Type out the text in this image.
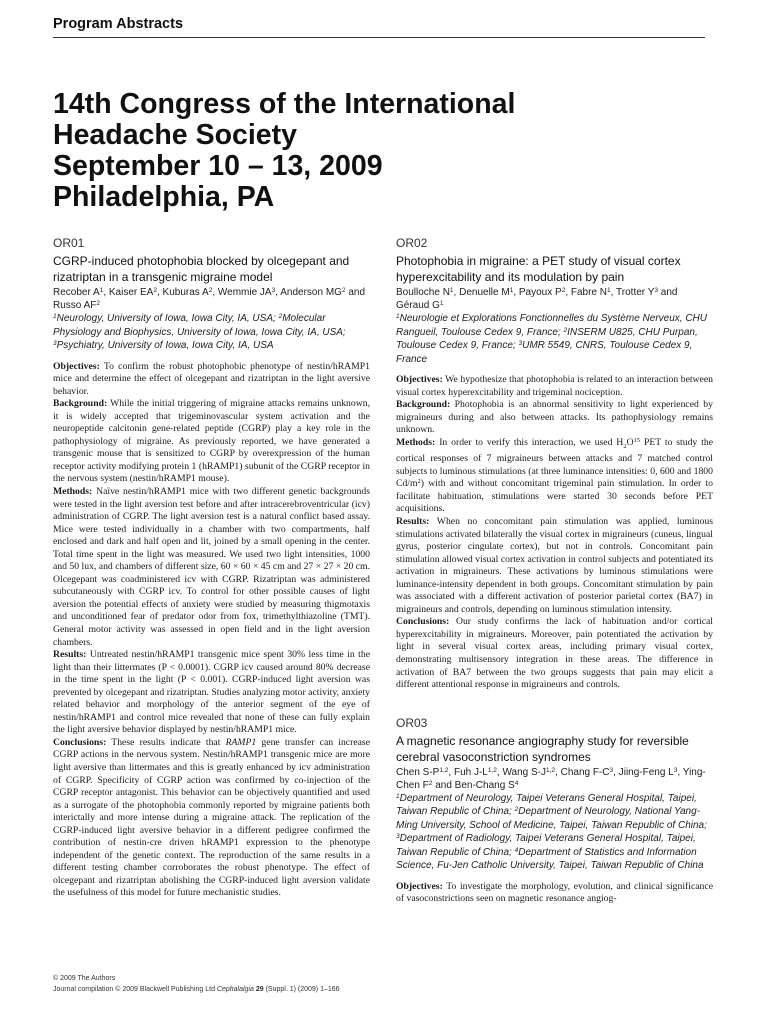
Program Abstracts
14th Congress of the International
Headache Society
September 10 – 13, 2009
Philadelphia, PA
OR01
CGRP-induced photophobia blocked by olcegepant and rizatriptan in a transgenic migraine model
Recober $A^1$, Kaiser $EA^2$, Kuburas $A^2$, Wemmie $JA^3$, Anderson $MG^2$ and Russo $AF^2$
$^1$Neurology, University of Iowa, Iowa City, IA, USA; $^2$Molecular Physiology and Biophysics, University of Iowa, Iowa City, IA, USA; $^3$Psychiatry, University of Iowa, Iowa City, IA, USA

Objectives: To confirm the robust photophobic phenotype of nestin/hRAMP1 mice and determine the effect of olcegepant and rizatriptan in the light aversive behavior.

Background: While the initial triggering of migraine attacks remains unknown, it is widely accepted that trigeminovascular system activation and the neuropeptide calcitonin gene-related peptide (CGRP) play a key role in the pathophysiology of migraine. As previously reported, we have generated a transgenic mouse that is sensitized to CGRP by overexpression of the human receptor activity modifying protein 1 (hRAMP1) subunit of the CGRP receptor in the nervous system (nestin/hRAMP1 mouse).

Methods: Naïve nestin/hRAMP1 mice with two different genetic backgrounds were tested in the light aversion test before and after intracerebroventricular (icv) administration of CGRP. The light aversion test is a natural conflict based assay. Mice were tested individually in a chamber with two compartments, half enclosed and dark and half open and lit, joined by a small opening in the center. Total time spent in the light was measured. We used two light intensities, 1000 and 50 lux, and chambers of different size, 60 × 60 × 45 cm and 27 × 27 × 20 cm. Olcegepant was coadministered icv with CGRP. Rizatriptan was administered subcutaneously with CGRP icv. To control for other possible causes of light aversion the potential effects of anxiety were studied by measuring thigmotaxis and unconditioned fear of predator odor from fox, trimethylthiazoline (TMT). General motor activity was assessed in open field and in the light aversion chambers.

Results: Untreated nestin/hRAMP1 transgenic mice spent 30% less time in the light than their littermates (P < 0.0001). CGRP icv caused around 80% decrease in the time spent in the light (P < 0.001). CGRP-induced light aversion was prevented by olcegepant and rizatriptan. Studies analyzing motor activity, anxiety related behavior and morphology of the anterior segment of the eye of nestin/hRAMP1 and control mice revealed that none of these can fully explain the light aversive behavior displayed by nestin/hRAMP1 mice.

Conclusions: These results indicate that RAMP1 gene transfer can increase CGRP actions in the nervous system. Nestin/hRAMP1 transgenic mice are more light aversive than littermates and this is greatly enhanced by icv administration of CGRP. Specificity of CGRP action was confirmed by co-injection of the CGRP receptor antagonist. This behavior can be objectively quantified and used as a surrogate of the photophobia commonly reported by migraine patients both interictally and more intense during a migraine attack. The replication of the CGRP-induced light aversive behavior in a different pedigree confirmed the contribution of nestin-cre driven hRAMP1 expression to the phenotype independent of the genetic context. The reproduction of the same results in a different testing chamber corroborates the robust phenotype. The effect of olcegepant and rizatriptan abolishing the CGRP-induced light aversion validate the usefulness of this model for future mechanistic studies.

OR02
Photophobia in migraine: a PET study of visual cortex hyperexcitability and its modulation by pain
Boulloche $N^1$, Denuelle $M^1$, Payoux $P^2$, Fabre $N^1$, Trotter $Y^3$ and Géraud $G^1$
$^1$Neurologie et Explorations Fonctionnelles du Système Nerveux, CHU Rangueil, Toulouse Cedex 9, France; $^2$INSERM U825, CHU Purpan, Toulouse Cedex 9, France; $^3$UMR 5549, CNRS, Toulouse Cedex 9, France

Objectives: We hypothesize that photophobia is related to an interaction between visual cortex hyperexcitability and trigeminal nociception.

Background: Photophobia is an abnormal sensitivity to light experienced by migraineurs during and also between attacks. Its pathophysiology remains unknown.

Methods: In order to verify this interaction, we used $H_2O^{15}$ PET to study the cortical responses of 7 migraineurs between attacks and 7 matched control subjects to luminous stimulations (at three luminance intensities: 0, 600 and 1800 $Cd/m^2$) with and without concomitant trigeminal pain stimulation. In order to facilitate habituation, stimulations were started 30 seconds before PET acquisitions.

Results: When no concomitant pain stimulation was applied, luminous stimulations activated bilaterally the visual cortex in migraineurs (cuneus, lingual gyrus, posterior cingulate cortex), but not in controls. Concomitant pain stimulation allowed visual cortex activation in control subjects and potentiated its activation in migraineurs. These activations by luminous stimulations were luminance-intensity dependent in both groups. Concomitant stimulation by pain was associated with a different activation of posterior parietal cortex (BA7) in migraineurs and controls, depending on luminous stimulation intensity.

Conclusions: Our study confirms the lack of habituation and/or cortical hyperexcitability in migraineurs. Moreover, pain potentiated the activation by light in several visual cortex areas, including primary visual cortex, demonstrating multisensory integration in these areas. The difference in activation of BA7 between the two groups suggests that pain may elicit a different attentional response in migraineurs and controls.

OR03
A magnetic resonance angiography study for reversible cerebral vasoconstriction syndromes
Chen $S-P^{1,2}$, Fuh $J-L^{1,2}$, Wang $S-J^{1,2}$, Chang $F-C^3$, Jiing-Feng $L^3$, Ying-Chen $F^2$ and Ben-Chang $S^4$
$^1$Department of Neurology, Taipei Veterans General Hospital, Taipei, Taiwan Republic of China; $^2$Department of Neurology, National Yang-Ming University, School of Medicine, Taipei, Taiwan Republic of China; $^3$Department of Radiology, Taipei Veterans General Hospital, Taipei, Taiwan Republic of China; $^4$Department of Statistics and Information Science, Fu-Jen Catholic University, Taipei, Taiwan Republic of China

Objectives: To investigate the morphology, evolution, and clinical significance of vasoconstrictions seen on magnetic resonance angiog-

© 2009 The Authors
Journal compilation © 2009 Blackwell Publishing Ltd Cephalalgia 29 (Suppl. 1) (2009) 1–166
